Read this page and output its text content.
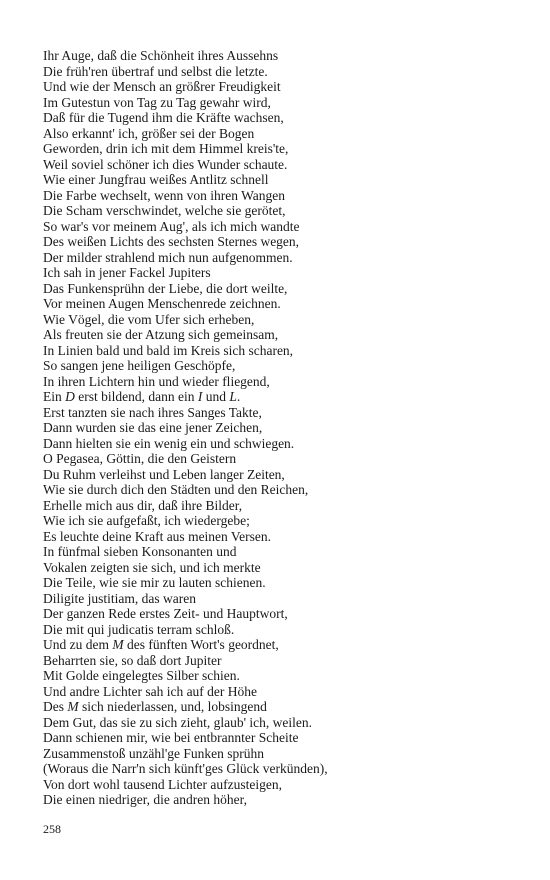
Ihr Auge, daß die Schönheit ihres Aussehns
Die früh'ren übertraf und selbst die letzte.
Und wie der Mensch an größrer Freudigkeit
Im Gutestun von Tag zu Tag gewahr wird,
Daß für die Tugend ihm die Kräfte wachsen,
Also erkannt' ich, größer sei der Bogen
Geworden, drin ich mit dem Himmel kreis'te,
Weil soviel schöner ich dies Wunder schaute.
Wie einer Jungfrau weißes Antlitz schnell
Die Farbe wechselt, wenn von ihren Wangen
Die Scham verschwindet, welche sie gerötet,
So war's vor meinem Aug', als ich mich wandte
Des weißen Lichts des sechsten Sternes wegen,
Der milder strahlend mich nun aufgenommen.
Ich sah in jener Fackel Jupiters
Das Funkensprühn der Liebe, die dort weilte,
Vor meinen Augen Menschenrede zeichnen.
Wie Vögel, die vom Ufer sich erheben,
Als freuten sie der Atzung sich gemeinsam,
In Linien bald und bald im Kreis sich scharen,
So sangen jene heiligen Geschöpfe,
In ihren Lichtern hin und wieder fliegend,
Ein D erst bildend, dann ein I und L.
Erst tanzten sie nach ihres Sanges Takte,
Dann wurden sie das eine jener Zeichen,
Dann hielten sie ein wenig ein und schwiegen.
O Pegasea, Göttin, die den Geistern
Du Ruhm verleihst und Leben langer Zeiten,
Wie sie durch dich den Städten und den Reichen,
Erhelle mich aus dir, daß ihre Bilder,
Wie ich sie aufgefaßt, ich wiedergebe;
Es leuchte deine Kraft aus meinen Versen.
In fünfmal sieben Konsonanten und
Vokalen zeigten sie sich, und ich merkte
Die Teile, wie sie mir zu lauten schienen.
Diligite justitiam, das waren
Der ganzen Rede erstes Zeit- und Hauptwort,
Die mit qui judicatis terram schloß.
Und zu dem M des fünften Wort's geordnet,
Beharrten sie, so daß dort Jupiter
Mit Golde eingelegtes Silber schien.
Und andre Lichter sah ich auf der Höhe
Des M sich niederlassen, und, lobsingend
Dem Gut, das sie zu sich zieht, glaub' ich, weilen.
Dann schienen mir, wie bei entbrannter Scheite
Zusammenstoß unzähl'ge Funken sprühn
(Woraus die Narr'n sich künft'ges Glück verkünden),
Von dort wohl tausend Lichter aufzusteigen,
Die einen niedriger, die andren höher,
258
